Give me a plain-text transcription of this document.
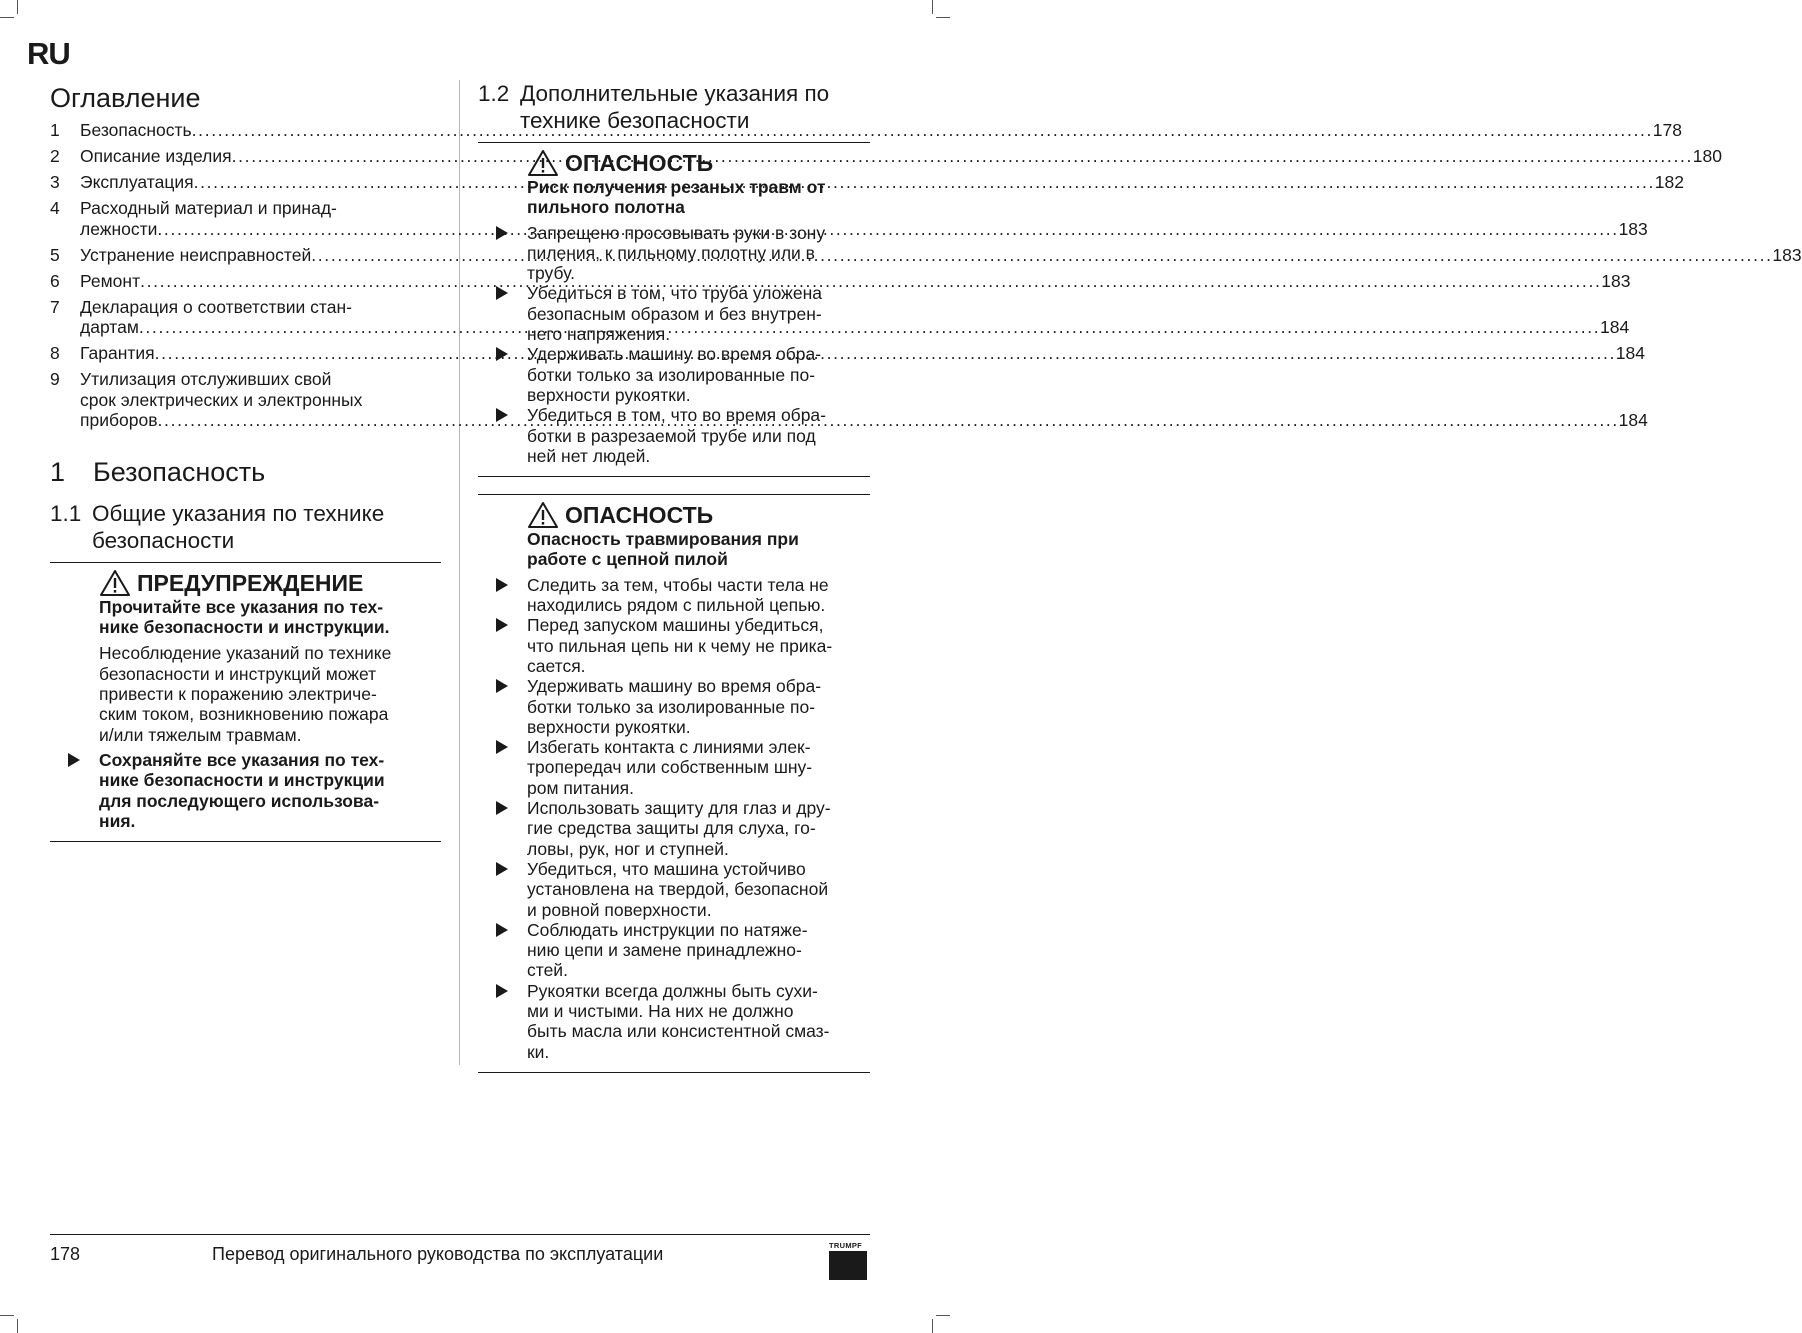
RU
Оглавление
1	Безопасность . . .	178
2	Описание изделия . . .	180
3	Эксплуатация . . .	182
4	Расходный материал и принад-
лежности . . .	183
5	Устранение неисправностей . . .	183
6	Ремонт . . .	183
7	Декларация о соответствии стан-
дартам . . .	184
8	Гарантия . . .	184
9	Утилизация отслуживших свой
срок электрических и электронных
приборов . . .	184
1	Безопасность
1.1 Общие указания по технике
безопасности
ПРЕДУПРЕЖДЕНИЕ
Прочитайте все указания по тех-
нике безопасности и инструкции.
Несоблюдение указаний по технике
безопасности и инструкций может
привести к поражению электриче-
ским током, возникновению пожара
и/или тяжелым травмам.
Сохраняйте все указания по тех-
нике безопасности и инструкции
для последующего использова-
ния.
1.2 Дополнительные указания по
технике безопасности
ОПАСНОСТЬ
Риск получения резаных травм от
пильного полотна
Запрещено просовывать руки в зону
пиления, к пильному полотну или в
трубу.
Убедиться в том, что труба уложена
безопасным образом и без внутрен-
него напряжения.
Удерживать машину во время обра-
ботки только за изолированные по-
верхности рукоятки.
Убедиться в том, что во время обра-
ботки в разрезаемой трубе или под
ней нет людей.
ОПАСНОСТЬ
Опасность травмирования при
работе с цепной пилой
Следить за тем, чтобы части тела не
находились рядом с пильной цепью.
Перед запуском машины убедиться,
что пильная цепь ни к чему не прика-
сается.
Удерживать машину во время обра-
ботки только за изолированные по-
верхности рукоятки.
Избегать контакта с линиями элек-
тропередач или собственным шну-
ром питания.
Использовать защиту для глаз и дру-
гие средства защиты для слуха, го-
ловы, рук, ног и ступней.
Убедиться, что машина устойчиво
установлена на твердой, безопасной
и ровной поверхности.
Соблюдать инструкции по натяже-
нию цепи и замене принадлежно-
стей.
Рукоятки всегда должны быть сухи-
ми и чистыми. На них не должно
быть масла или консистентной смаз-
ки.
178	Перевод оригинального руководства по эксплуатации	TRUMPF
